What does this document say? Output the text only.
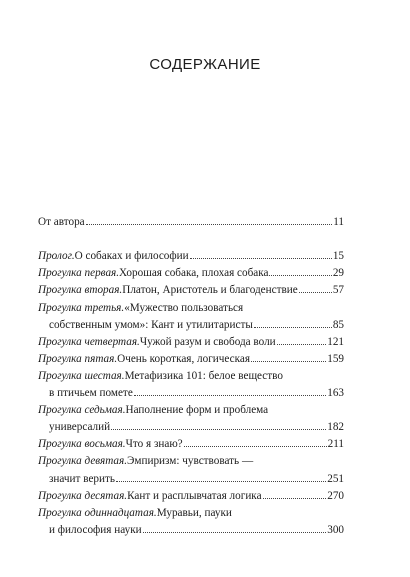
СОДЕРЖАНИЕ
От автора	11
Пролог. О собаках и философии	15
Прогулка первая. Хорошая собака, плохая собака	29
Прогулка вторая. Платон, Аристотель и благоденствие	57
Прогулка третья. «Мужество пользоваться
собственным умом»: Кант и утилитаристы	85
Прогулка четвертая. Чужой разум и свобода воли	121
Прогулка пятая. Очень короткая, логическая	159
Прогулка шестая. Метафизика 101: белое вещество
в птичьем помете	163
Прогулка седьмая. Наполнение форм и проблема
универсалий	182
Прогулка восьмая. Что я знаю?	211
Прогулка девятая. Эмпиризм: чувствовать —
значит верить	251
Прогулка десятая. Кант и расплывчатая логика	270
Прогулка одиннадцатая. Муравьи, пауки
и философия науки	300
